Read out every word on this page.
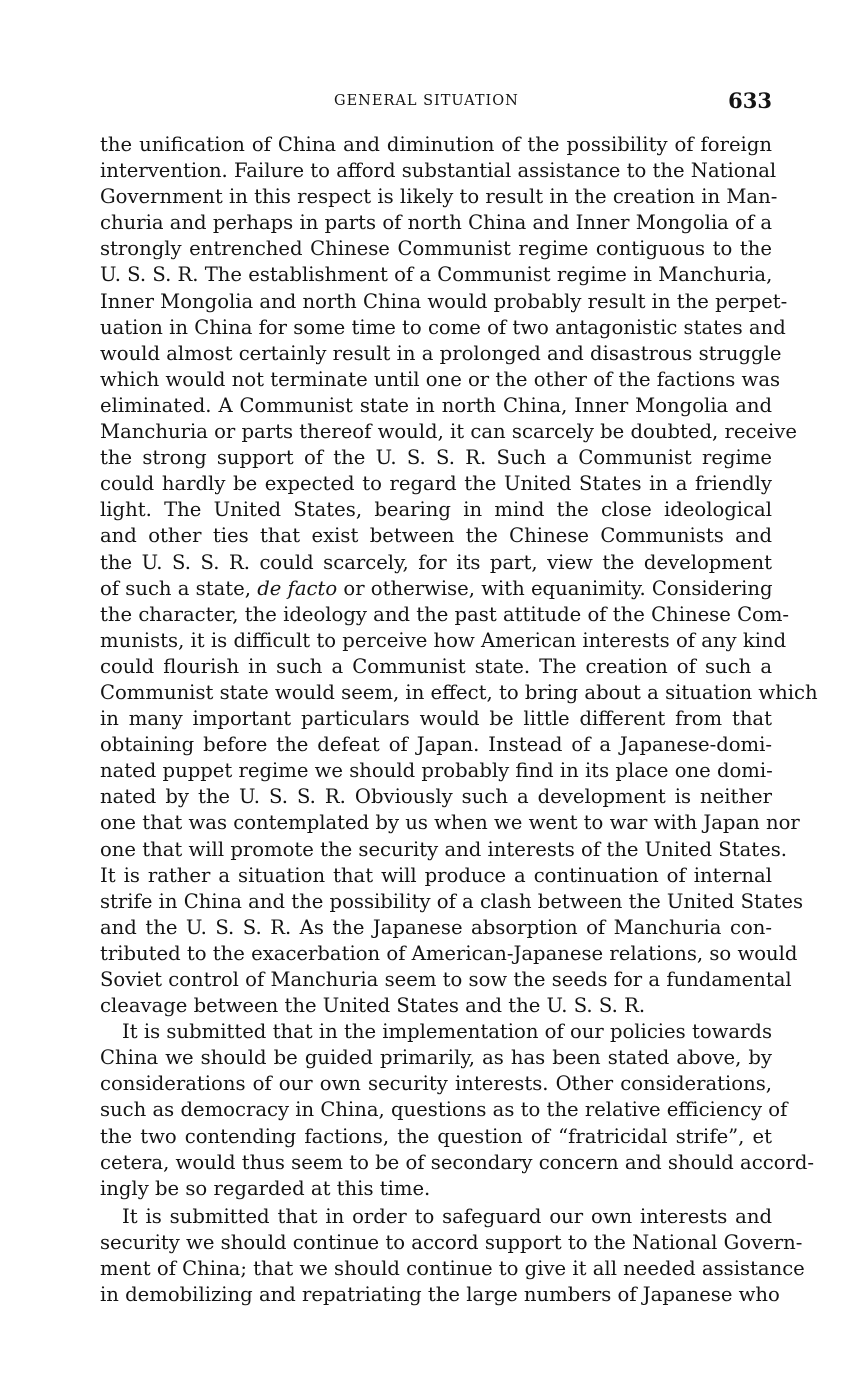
GENERAL SITUATION	633
the unification of China and diminution of the possibility of foreign
intervention. Failure to afford substantial assistance to the National
Government in this respect is likely to result in the creation in Man-
churia and perhaps in parts of north China and Inner Mongolia of a
strongly entrenched Chinese Communist regime contiguous to the
U. S. S. R. The establishment of a Communist regime in Manchuria,
Inner Mongolia and north China would probably result in the perpet-
uation in China for some time to come of two antagonistic states and
would almost certainly result in a prolonged and disastrous struggle
which would not terminate until one or the other of the factions was
eliminated. A Communist state in north China, Inner Mongolia and
Manchuria or parts thereof would, it can scarcely be doubted, receive
the strong support of the U. S. S. R. Such a Communist regime
could hardly be expected to regard the United States in a friendly
light. The United States, bearing in mind the close ideological
and other ties that exist between the Chinese Communists and
the U. S. S. R. could scarcely, for its part, view the development
of such a state, de facto or otherwise, with equanimity. Considering
the character, the ideology and the past attitude of the Chinese Com-
munists, it is difficult to perceive how American interests of any kind
could flourish in such a Communist state. The creation of such a
Communist state would seem, in effect, to bring about a situation which
in many important particulars would be little different from that
obtaining before the defeat of Japan. Instead of a Japanese-domi-
nated puppet regime we should probably find in its place one domi-
nated by the U. S. S. R. Obviously such a development is neither
one that was contemplated by us when we went to war with Japan nor
one that will promote the security and interests of the United States.
It is rather a situation that will produce a continuation of internal
strife in China and the possibility of a clash between the United States
and the U. S. S. R. As the Japanese absorption of Manchuria con-
tributed to the exacerbation of American-Japanese relations, so would
Soviet control of Manchuria seem to sow the seeds for a fundamental
cleavage between the United States and the U. S. S. R.
It is submitted that in the implementation of our policies towards
China we should be guided primarily, as has been stated above, by
considerations of our own security interests. Other considerations,
such as democracy in China, questions as to the relative efficiency of
the two contending factions, the question of “fratricidal strife”, et
cetera, would thus seem to be of secondary concern and should accord-
ingly be so regarded at this time.
It is submitted that in order to safeguard our own interests and
security we should continue to accord support to the National Govern-
ment of China; that we should continue to give it all needed assistance
in demobilizing and repatriating the large numbers of Japanese who
